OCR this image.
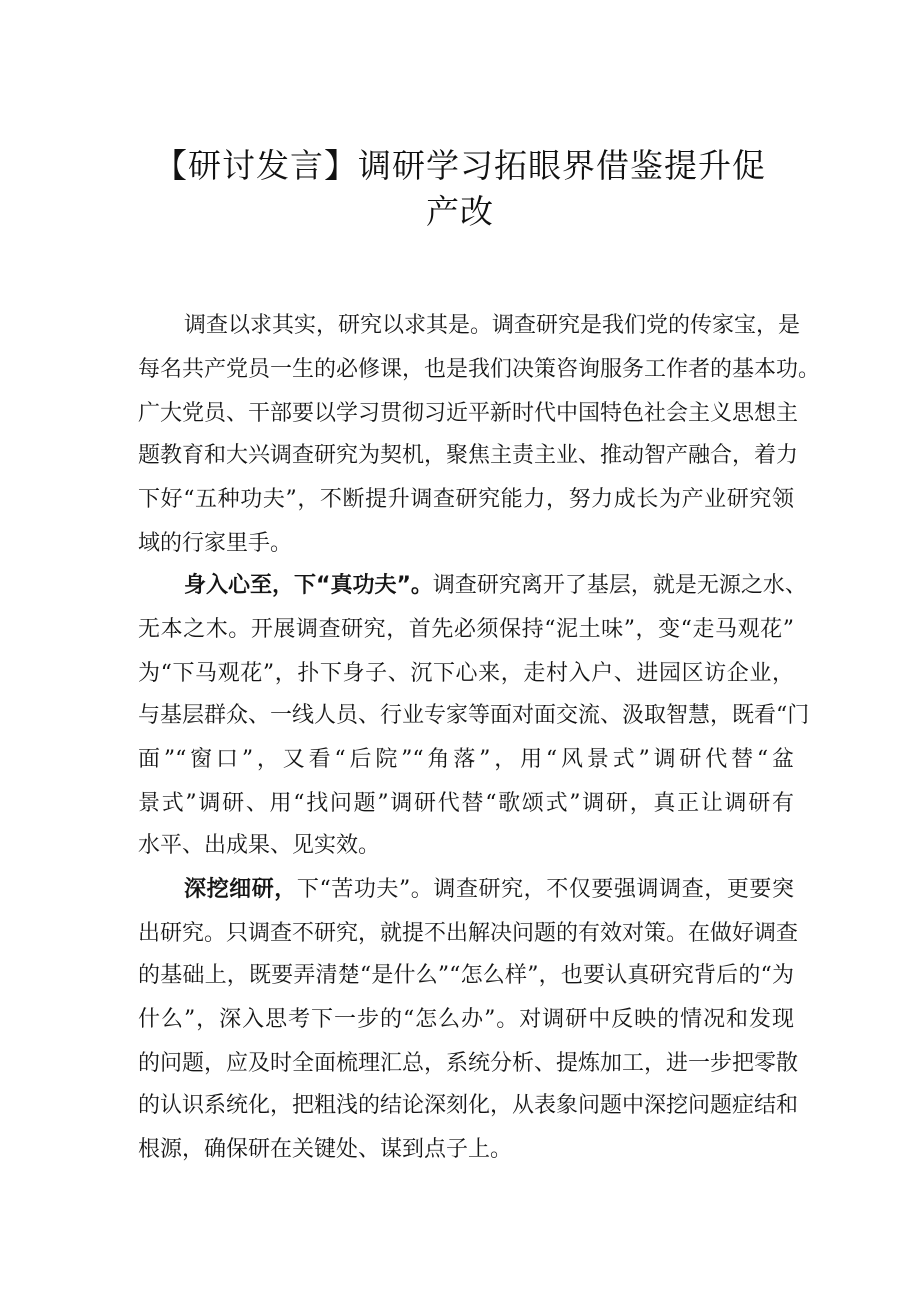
【研讨发言】调研学习拓眼界借鉴提升促
产改
调查以求其实，研究以求其是。调查研究是我们党的传家宝，是
每名共产党员一生的必修课，也是我们决策咨询服务工作者的基本功。
广大党员、干部要以学习贯彻习近平新时代中国特色社会主义思想主
题教育和大兴调查研究为契机，聚焦主责主业、推动智产融合，着力
下好“五种功夫”，不断提升调查研究能力，努力成长为产业研究领
域的行家里手。
身入心至，下“真功夫”。调查研究离开了基层，就是无源之水、
无本之木。开展调查研究，首先必须保持“泥土味”，变“走马观花”
为“下马观花”，扑下身子、沉下心来，走村入户、进园区访企业，
与基层群众、一线人员、行业专家等面对面交流、汲取智慧，既看“门
面”“窗口”，又看“后院”“角落”，用“风景式”调研代替“盆
景式”调研、用“找问题”调研代替“歌颂式”调研，真正让调研有
水平、出成果、见实效。
深挖细研，下“苦功夫”。调查研究，不仅要强调调查，更要突
出研究。只调查不研究，就提不出解决问题的有效对策。在做好调查
的基础上，既要弄清楚“是什么”“怎么样”，也要认真研究背后的“为
什么”，深入思考下一步的“怎么办”。对调研中反映的情况和发现
的问题，应及时全面梳理汇总，系统分析、提炼加工，进一步把零散
的认识系统化，把粗浅的结论深刻化，从表象问题中深挖问题症结和
根源，确保研在关键处、谋到点子上。
